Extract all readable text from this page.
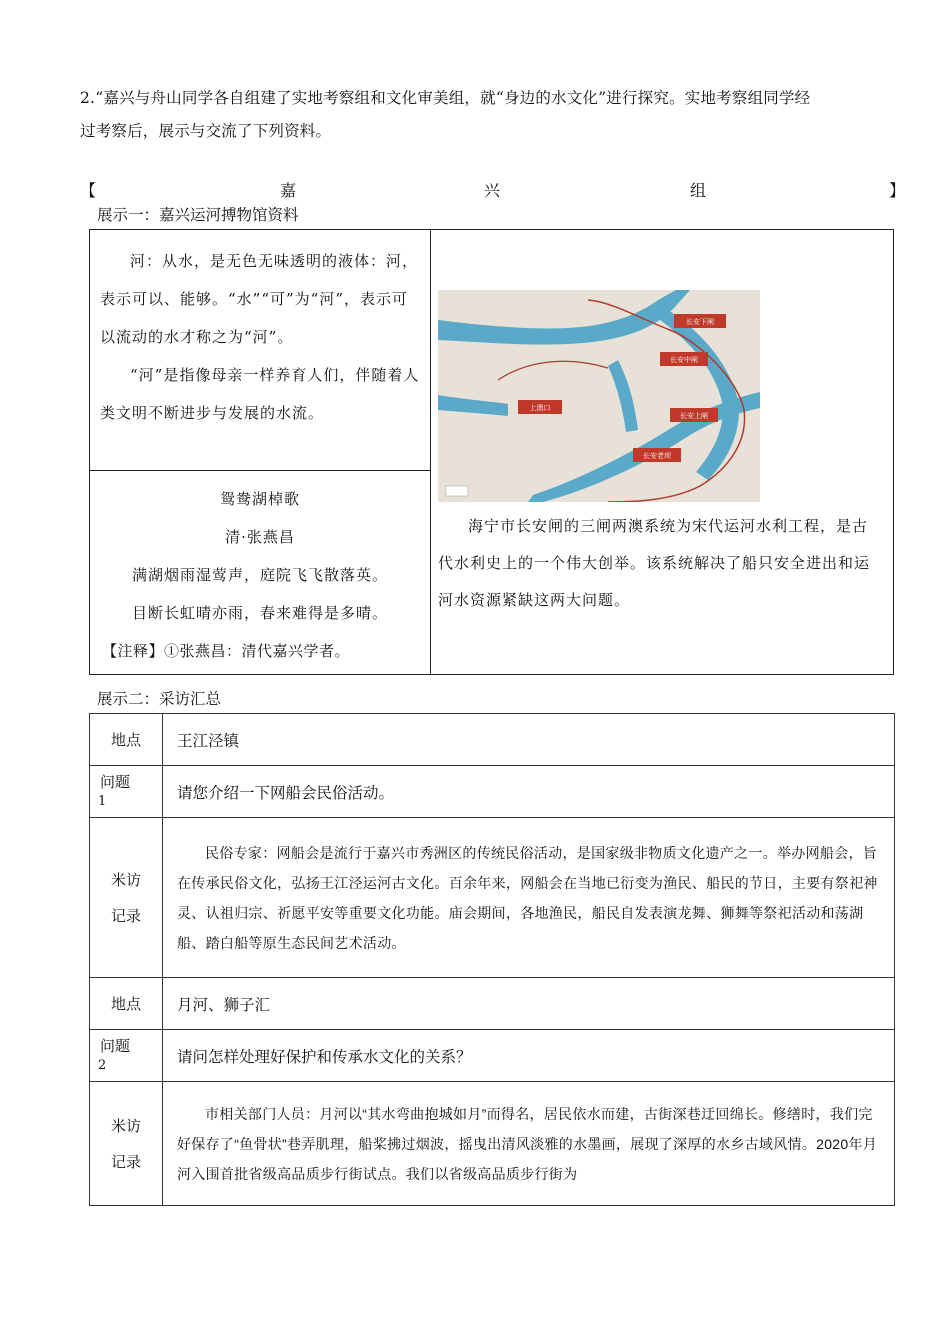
2.“嘉兴与舟山同学各自组建了实地考察组和文化审美组，就“身边的水文化”进行探究。实地考察组同学经
过考察后，展示与交流了下列资料。
【	嘉	兴	组	】
展示一：嘉兴运河搏物馆资料

河：从水，是无色无味透明的液体：河，表示可以、能够。“水”“可”为“河”，表示可以流动的水才称之为“河”。

“河”是指像母亲一样养育人们，伴随着人类文明不断进步与发展的水流。

鸳鸯湖棹歌
清·张燕昌
满湖烟雨湿莺声，庭院飞飞散落英。
目断长虹晴亦雨，春来难得是多晴。
【注释】①张燕昌：清代嘉兴学者。
长安下闸
长安中闸
上澳口
长安上闸
长安老坝
海宁市长安闸的三闸两澳系统为宋代运河水利工程，是古
代水利史上的一个伟大创举。该系统解决了船只安全进出和运
河水资源紧缺这两大问题。
展示二：采访汇总
地点	王江泾镇

问题
1	请您介绍一下网船会民俗活动。

米访
记录	民俗专家：网船会是流行于嘉兴市秀洲区的传统民俗活动，是国家级非物质文化遗产之一。举办网船会，旨在传承民俗文化，弘扬王江泾运河古文化。百余年来，网船会在当地已衍变为渔民、船民的节日，主要有祭祀神灵、认祖归宗、祈愿平安等重要文化功能。庙会期间，各地渔民，船民自发表演龙舞、狮舞等祭祀活动和荡湖船、踏白船等原生态民间艺术活动。
地点	月河、狮子汇

问题
2	请问怎样处理好保护和传承水文化的关系？

米访
记录	市相关部门人员：月河以“其水弯曲抱城如月”而得名，居民依水而建，古街深巷迂回绵长。修缮时，我们完好保存了“鱼骨状”巷弄肌理，船桨拂过烟波，摇曳出清风淡雅的水墨画，展现了深厚的水乡古域风情。2020年月河入围首批省级高品质步行街试点。我们以省级高品质步行街为
